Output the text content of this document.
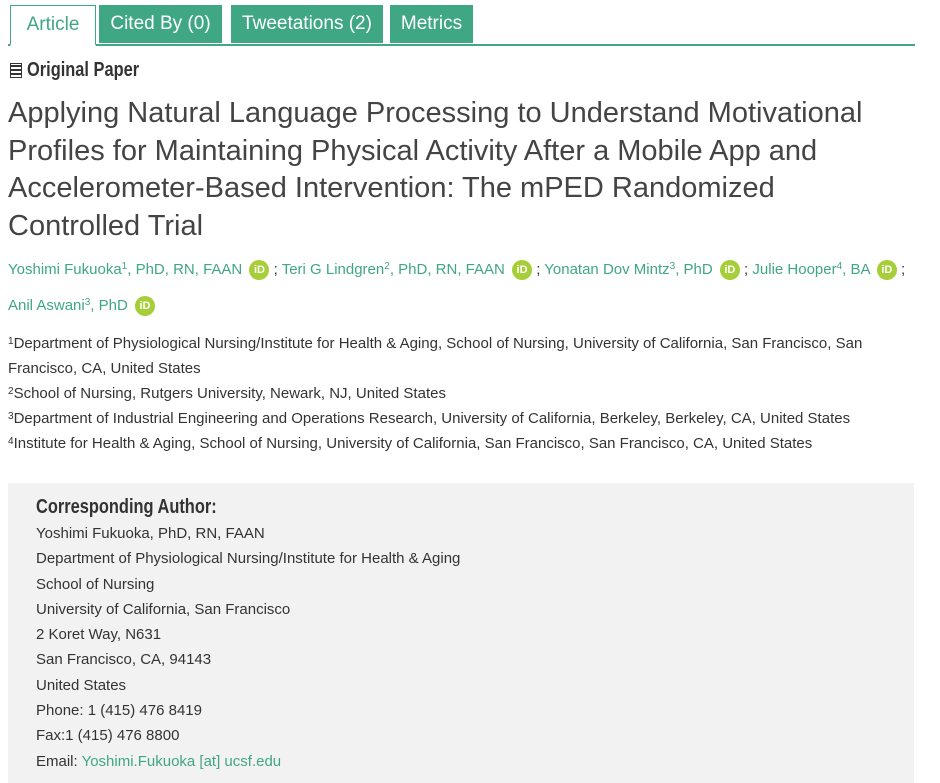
Article	Cited By (0)	Tweetations (2)	Metrics
Original Paper
Applying Natural Language Processing to Understand Motivational Profiles for Maintaining Physical Activity After a Mobile App and Accelerometer-Based Intervention: The mPED Randomized Controlled Trial
Yoshimi Fukuoka$^1$, PhD, RN, FAAN iD ; Teri G Lindgren$^2$, PhD, RN, FAAN iD ; Yonatan Dov Mintz$^3$, PhD iD ; Julie Hooper$^4$, BA iD ;
Anil Aswani$^3$, PhD iD
$^1$Department of Physiological Nursing/Institute for Health & Aging, School of Nursing, University of California, San Francisco, San
Francisco, CA, United States
$^2$School of Nursing, Rutgers University, Newark, NJ, United States
$^3$Department of Industrial Engineering and Operations Research, University of California, Berkeley, Berkeley, CA, United States
$^4$Institute for Health & Aging, School of Nursing, University of California, San Francisco, San Francisco, CA, United States
Corresponding Author:
Yoshimi Fukuoka, PhD, RN, FAAN
Department of Physiological Nursing/Institute for Health & Aging
School of Nursing
University of California, San Francisco
2 Koret Way, N631
San Francisco, CA, 94143
United States
Phone: 1 (415) 476 8419
Fax:1 (415) 476 8800
Email: Yoshimi.Fukuoka [at] ucsf.edu
